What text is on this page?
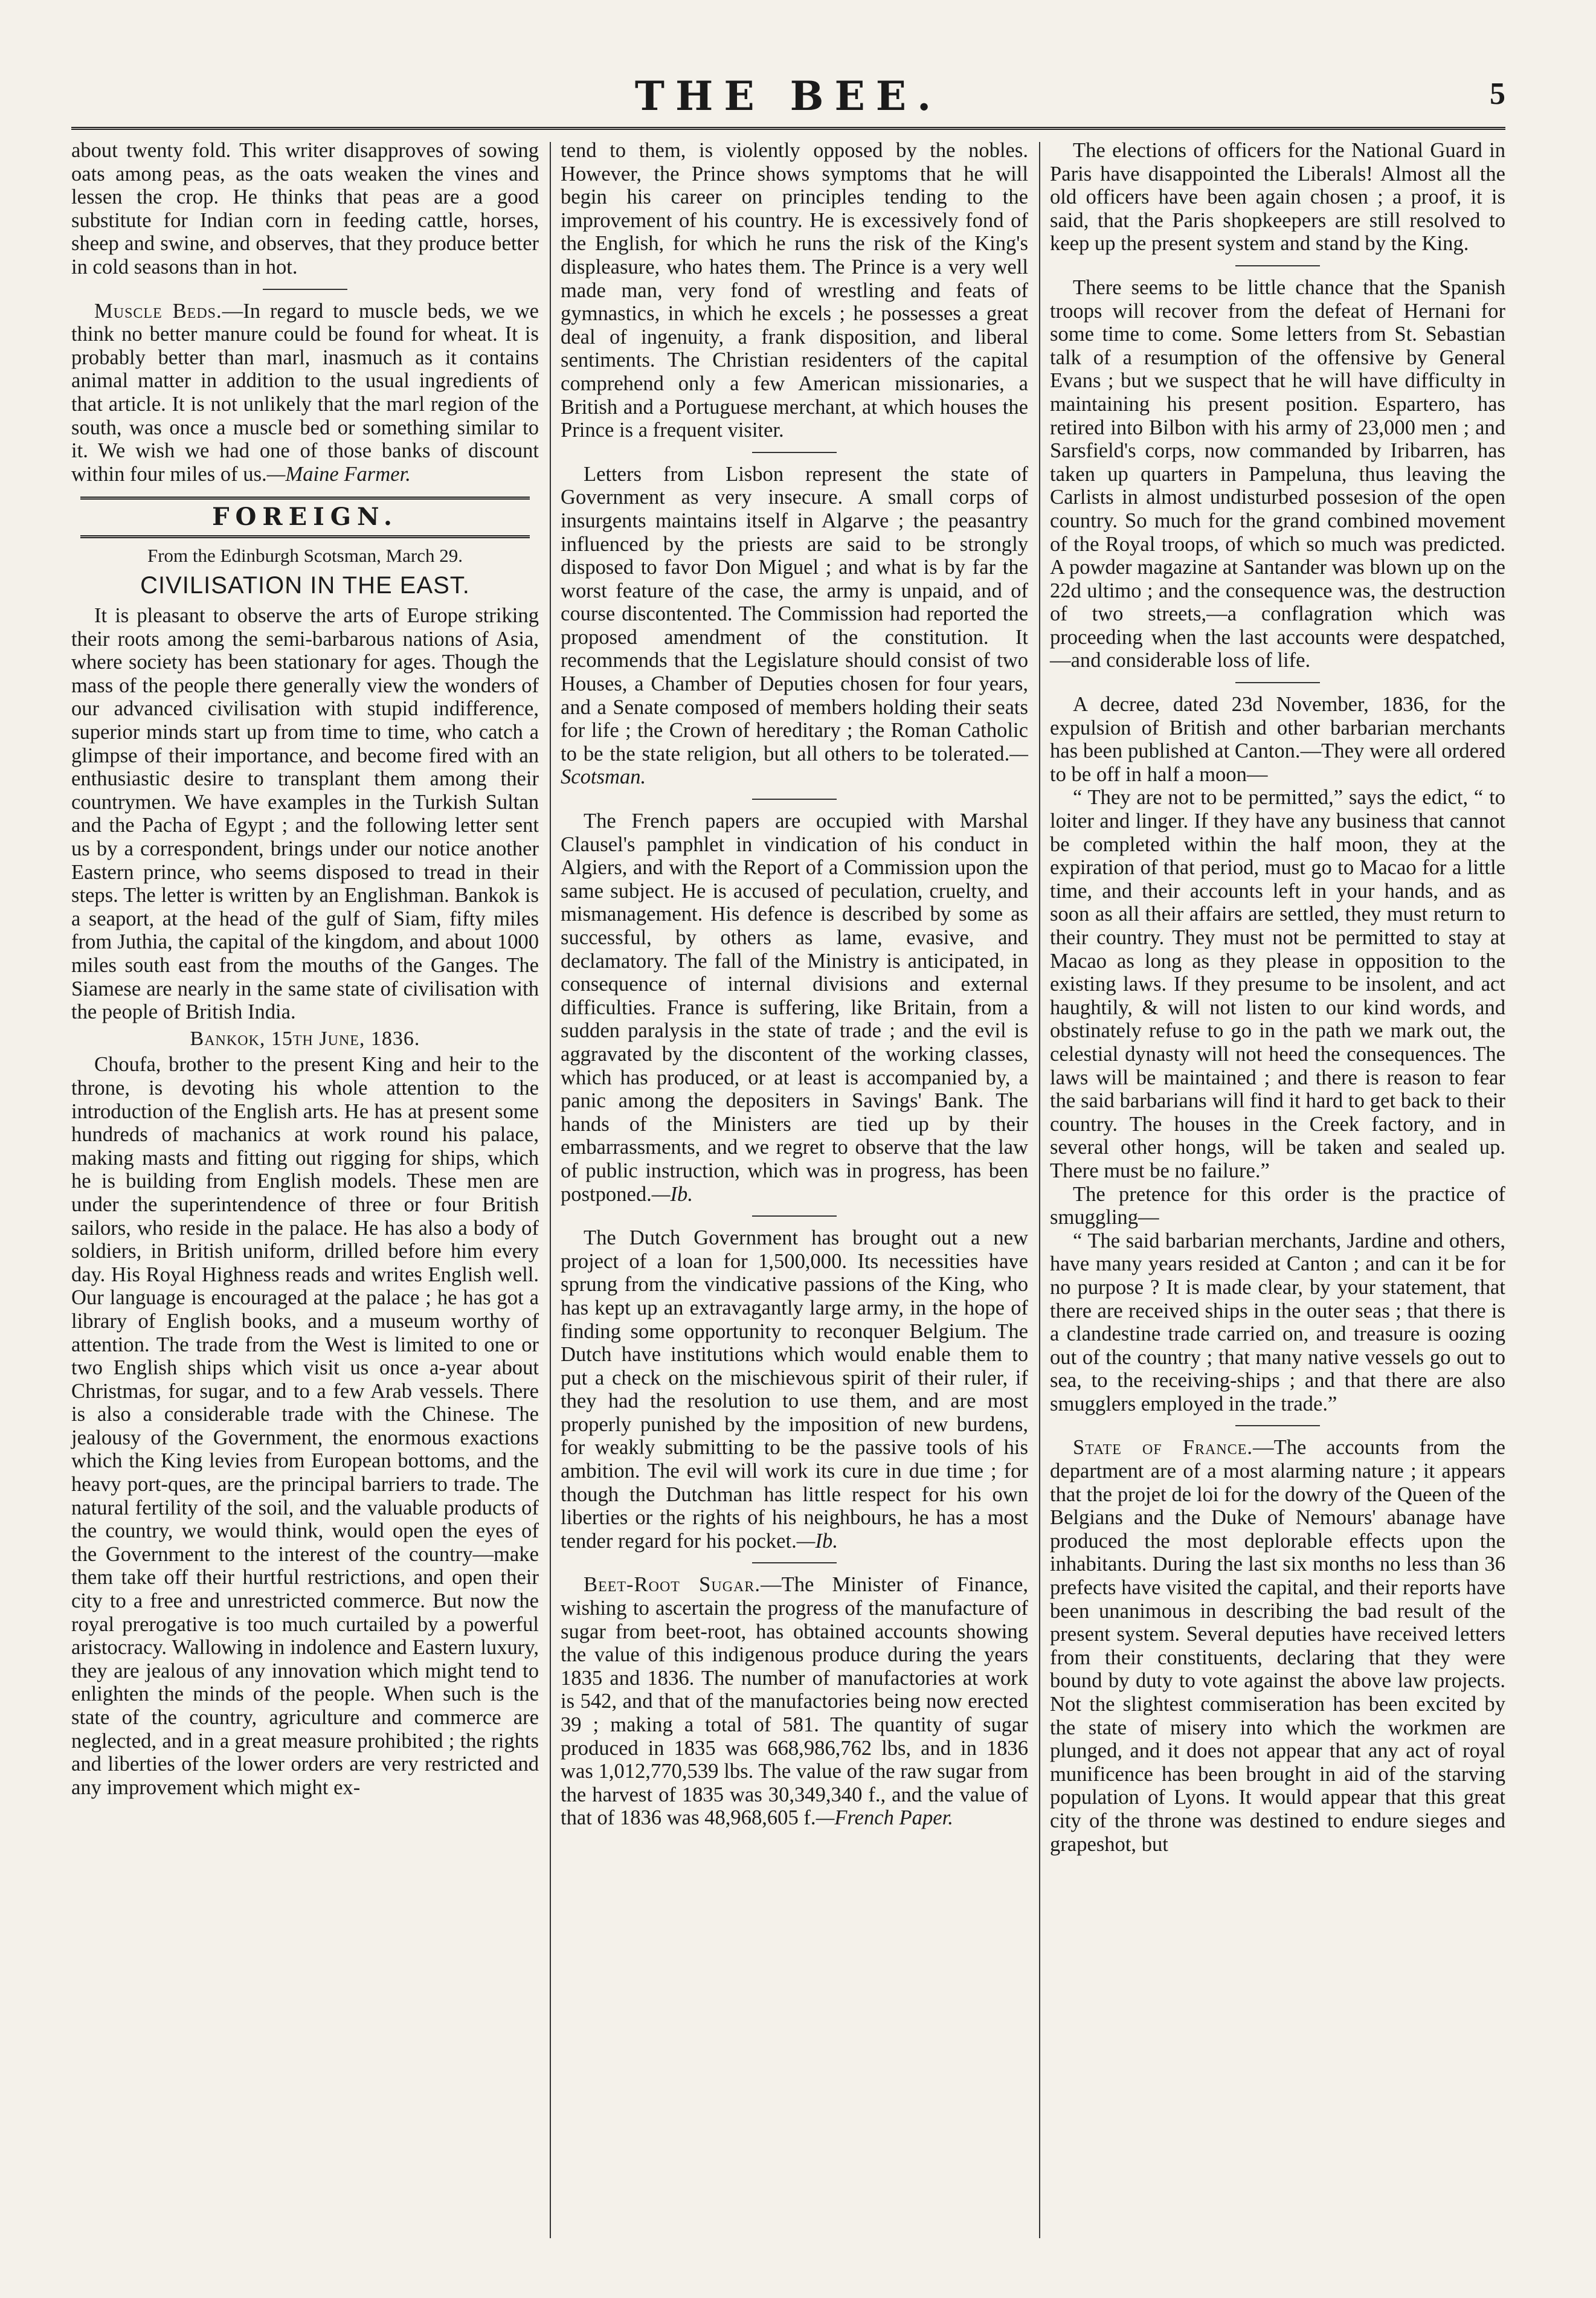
THE BEE.	5

about twenty fold. This writer disapproves of sowing oats among peas, as the oats weaken the vines and lessen the crop. He thinks that peas are a good substitute for Indian corn in feeding cattle, horses, sheep and swine, and observes, that they produce better in cold seasons than in hot.

Muscle Beds.—In regard to muscle beds, we we think no better manure could be found for wheat. It is probably better than marl, inasmuch as it contains animal matter in addition to the usual ingredients of that article. It is not unlikely that the marl region of the south, was once a muscle bed or something similar to it. We wish we had one of those banks of discount within four miles of us.—Maine Farmer.

FOREIGN.
From the Edinburgh Scotsman, March 29.
CIVILISATION IN THE EAST.

It is pleasant to observe the arts of Europe striking their roots among the semi-barbarous nations of Asia, where society has been stationary for ages. Though the mass of the people there generally view the wonders of our advanced civilisation with stupid indifference, superior minds start up from time to time, who catch a glimpse of their importance, and become fired with an enthusiastic desire to transplant them among their countrymen. We have examples in the Turkish Sultan and the Pacha of Egypt ; and the following letter sent us by a correspondent, brings under our notice another Eastern prince, who seems disposed to tread in their steps. The letter is written by an Englishman. Bankok is a seaport, at the head of the gulf of Siam, fifty miles from Juthia, the capital of the kingdom, and about 1000 miles south east from the mouths of the Ganges. The Siamese are nearly in the same state of civilisation with the people of British India.

Bankok, 15th June, 1836.

Choufa, brother to the present King and heir to the throne, is devoting his whole attention to the introduction of the English arts. He has at present some hundreds of machanics at work round his palace, making masts and fitting out rigging for ships, which he is building from English models. These men are under the superintendence of three or four British sailors, who reside in the palace. He has also a body of soldiers, in British uniform, drilled before him every day. His Royal Highness reads and writes English well. Our language is encouraged at the palace ; he has got a library of English books, and a museum worthy of attention. The trade from the West is limited to one or two English ships which visit us once a-year about Christmas, for sugar, and to a few Arab vessels. There is also a considerable trade with the Chinese. The jealousy of the Government, the enormous exactions which the King levies from European bottoms, and the heavy port-ques, are the principal barriers to trade. The natural fertility of the soil, and the valuable products of the country, we would think, would open the eyes of the Government to the interest of the country—make them take off their hurtful restrictions, and open their city to a free and unrestricted commerce. But now the royal prerogative is too much curtailed by a powerful aristocracy. Wallowing in indolence and Eastern luxury, they are jealous of any innovation which might tend to enlighten the minds of the people. When such is the state of the country, agriculture and commerce are neglected, and in a great measure prohibited ; the rights and liberties of the lower orders are very restricted and any improvement which might ex-

tend to them, is violently opposed by the nobles. However, the Prince shows symptoms that he will begin his career on principles tending to the improvement of his country. He is excessively fond of the English, for which he runs the risk of the King's displeasure, who hates them. The Prince is a very well made man, very fond of wrestling and feats of gymnastics, in which he excels ; he possesses a great deal of ingenuity, a frank disposition, and liberal sentiments. The Christian residenters of the capital comprehend only a few American missionaries, a British and a Portuguese merchant, at which houses the Prince is a frequent visiter.

Letters from Lisbon represent the state of Government as very insecure. A small corps of insurgents maintains itself in Algarve ; the peasantry influenced by the priests are said to be strongly disposed to favor Don Miguel ; and what is by far the worst feature of the case, the army is unpaid, and of course discontented. The Commission had reported the proposed amendment of the constitution. It recommends that the Legislature should consist of two Houses, a Chamber of Deputies chosen for four years, and a Senate composed of members holding their seats for life ; the Crown of hereditary ; the Roman Catholic to be the state religion, but all others to be tolerated.—Scotsman.

The French papers are occupied with Marshal Clausel's pamphlet in vindication of his conduct in Algiers, and with the Report of a Commission upon the same subject. He is accused of peculation, cruelty, and mismanagement. His defence is described by some as successful, by others as lame, evasive, and declamatory. The fall of the Ministry is anticipated, in consequence of internal divisions and external difficulties. France is suffering, like Britain, from a sudden paralysis in the state of trade ; and the evil is aggravated by the discontent of the working classes, which has produced, or at least is accompanied by, a panic among the depositers in Savings' Bank. The hands of the Ministers are tied up by their embarrassments, and we regret to observe that the law of public instruction, which was in progress, has been postponed.—Ib.

The Dutch Government has brought out a new project of a loan for 1,500,000. Its necessities have sprung from the vindicative passions of the King, who has kept up an extravagantly large army, in the hope of finding some opportunity to reconquer Belgium. The Dutch have institutions which would enable them to put a check on the mischievous spirit of their ruler, if they had the resolution to use them, and are most properly punished by the imposition of new burdens, for weakly submitting to be the passive tools of his ambition. The evil will work its cure in due time ; for though the Dutchman has little respect for his own liberties or the rights of his neighbours, he has a most tender regard for his pocket.—Ib.

Beet-Root Sugar.—The Minister of Finance, wishing to ascertain the progress of the manufacture of sugar from beet-root, has obtained accounts showing the value of this indigenous produce during the years 1835 and 1836. The number of manufactories at work is 542, and that of the manufactories being now erected 39 ; making a total of 581. The quantity of sugar produced in 1835 was 668,986,762 lbs, and in 1836 was 1,012,770,539 lbs. The value of the raw sugar from the harvest of 1835 was 30,349,340 f., and the value of that of 1836 was 48,968,605 f.—French Paper.

The elections of officers for the National Guard in Paris have disappointed the Liberals! Almost all the old officers have been again chosen ; a proof, it is said, that the Paris shopkeepers are still resolved to keep up the present system and stand by the King.

There seems to be little chance that the Spanish troops will recover from the defeat of Hernani for some time to come. Some letters from St. Sebastian talk of a resumption of the offensive by General Evans ; but we suspect that he will have difficulty in maintaining his present position. Espartero, has retired into Bilbon with his army of 23,000 men ; and Sarsfield's corps, now commanded by Iribarren, has taken up quarters in Pampeluna, thus leaving the Carlists in almost undisturbed possesion of the open country. So much for the grand combined movement of the Royal troops, of which so much was predicted. A powder magazine at Santander was blown up on the 22d ultimo ; and the consequence was, the destruction of two streets,—a conflagration which was proceeding when the last accounts were despatched,—and considerable loss of life.

A decree, dated 23d November, 1836, for the expulsion of British and other barbarian merchants has been published at Canton.—They were all ordered to be off in half a moon—

“ They are not to be permitted,” says the edict, “ to loiter and linger. If they have any business that cannot be completed within the half moon, they at the expiration of that period, must go to Macao for a little time, and their accounts left in your hands, and as soon as all their affairs are settled, they must return to their country. They must not be permitted to stay at Macao as long as they please in opposition to the existing laws. If they presume to be insolent, and act haughtily, & will not listen to our kind words, and obstinately refuse to go in the path we mark out, the celestial dynasty will not heed the consequences. The laws will be maintained ; and there is reason to fear the said barbarians will find it hard to get back to their country. The houses in the Creek factory, and in several other hongs, will be taken and sealed up. There must be no failure.”

The pretence for this order is the practice of smuggling—

“ The said barbarian merchants, Jardine and others, have many years resided at Canton ; and can it be for no purpose ? It is made clear, by your statement, that there are received ships in the outer seas ; that there is a clandestine trade carried on, and treasure is oozing out of the country ; that many native vessels go out to sea, to the receiving-ships ; and that there are also smugglers employed in the trade.”

State of France.—The accounts from the department are of a most alarming nature ; it appears that the projet de loi for the dowry of the Queen of the Belgians and the Duke of Nemours' abanage have produced the most deplorable effects upon the inhabitants. During the last six months no less than 36 prefects have visited the capital, and their reports have been unanimous in describing the bad result of the present system. Several deputies have received letters from their constituents, declaring that they were bound by duty to vote against the above law projects. Not the slightest commiseration has been excited by the state of misery into which the workmen are plunged, and it does not appear that any act of royal munificence has been brought in aid of the starving population of Lyons. It would appear that this great city of the throne was destined to endure sieges and grapeshot, but
